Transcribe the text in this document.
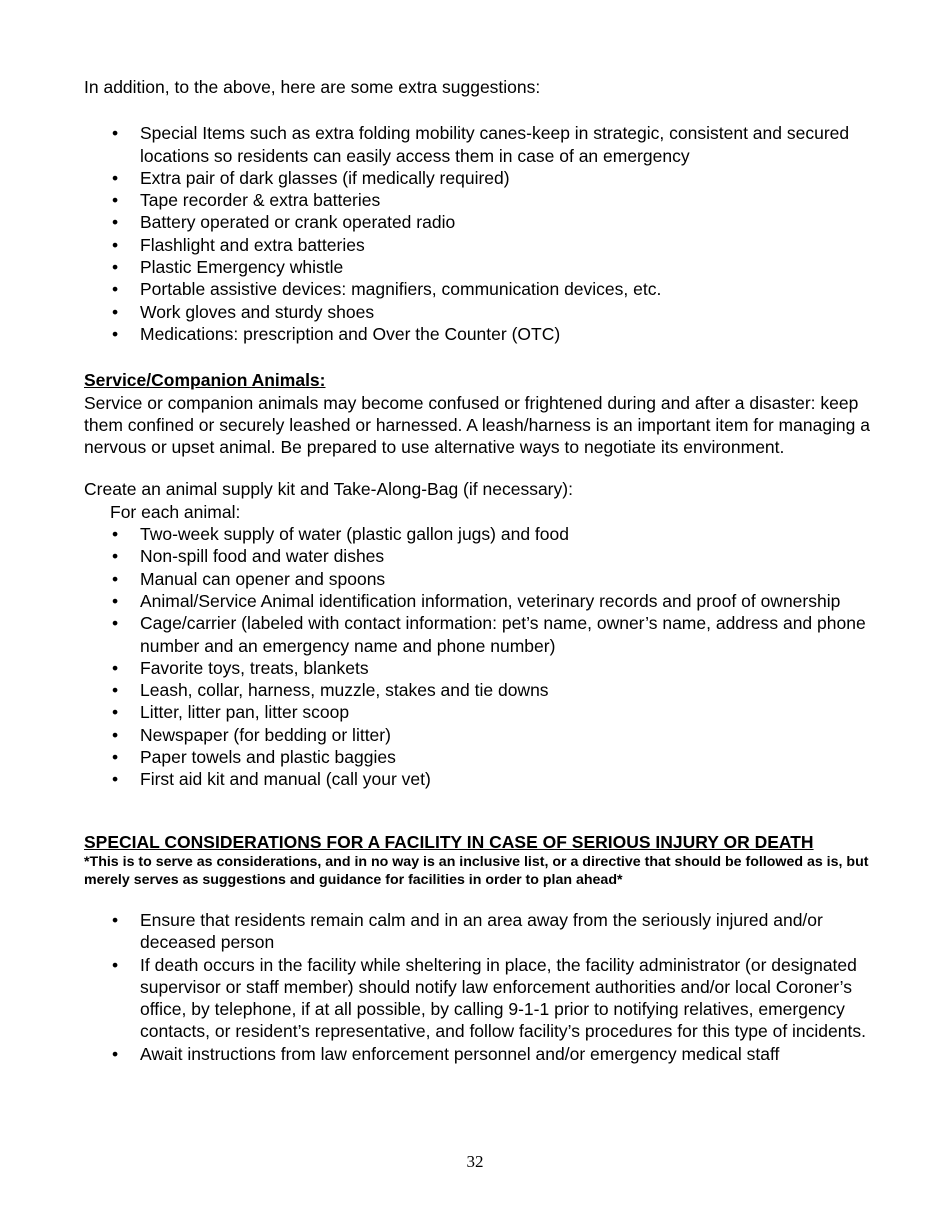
In addition, to the above, here are some extra suggestions:

• Special Items such as extra folding mobility canes-keep in strategic, consistent and secured locations so residents can easily access them in case of an emergency
• Extra pair of dark glasses (if medically required)
• Tape recorder & extra batteries
• Battery operated or crank operated radio
• Flashlight and extra batteries
• Plastic Emergency whistle
• Portable assistive devices: magnifiers, communication devices, etc.
• Work gloves and sturdy shoes
• Medications: prescription and Over the Counter (OTC)

Service/Companion Animals:

Service or companion animals may become confused or frightened during and after a disaster: keep them confined or securely leashed or harnessed. A leash/harness is an important item for managing a nervous or upset animal. Be prepared to use alternative ways to negotiate its environment.

Create an animal supply kit and Take-Along-Bag (if necessary):

For each animal:

• Two-week supply of water (plastic gallon jugs) and food
• Non-spill food and water dishes
• Manual can opener and spoons
• Animal/Service Animal identification information, veterinary records and proof of ownership
• Cage/carrier (labeled with contact information: pet’s name, owner’s name, address and phone number and an emergency name and phone number)
• Favorite toys, treats, blankets
• Leash, collar, harness, muzzle, stakes and tie downs
• Litter, litter pan, litter scoop
• Newspaper (for bedding or litter)
• Paper towels and plastic baggies
• First aid kit and manual (call your vet)

SPECIAL CONSIDERATIONS FOR A FACILITY IN CASE OF SERIOUS INJURY OR DEATH

*This is to serve as considerations, and in no way is an inclusive list, or a directive that should be followed as is, but merely serves as suggestions and guidance for facilities in order to plan ahead*

• Ensure that residents remain calm and in an area away from the seriously injured and/or deceased person
• If death occurs in the facility while sheltering in place, the facility administrator (or designated supervisor or staff member) should notify law enforcement authorities and/or local Coroner’s office, by telephone, if at all possible, by calling 9-1-1 prior to notifying relatives, emergency contacts, or resident’s representative, and follow facility’s procedures for this type of incidents.
• Await instructions from law enforcement personnel and/or emergency medical staff
32
